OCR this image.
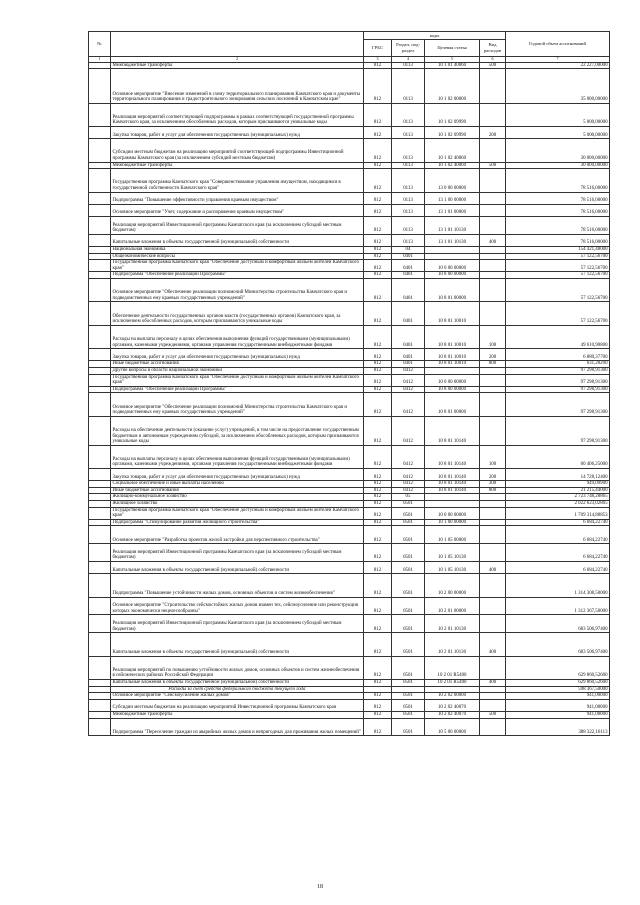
№		коды				Годовой объем ассигнований
		ГРБС	Раздел, под-раздел	Целевая статья	Вид расходов	
1	2	3	4	5	6	7
	Межбюджетные трансферты	812	0113	10 1 01 40060	500	22 227,00000
	Основное мероприятие "Внесение изменений в схему территориального планирования Камчатского края и документы территориального планирования и градостроительного зонирования сельских поселений в Камчатском крае"	812	0113	10 1 02 00000		35 000,00000
	Реализация мероприятий соответствующей подпрограммы в рамках соответствующей государственной программы Камчатского края, за исключением обособленных расходов, которым присваиваются уникальные коды	812	0113	10 1 02 09990		5 000,00000
	Закупка товаров, работ и услуг для обеспечения государственных (муниципальных) нужд	812	0113	10 1 02 09990	200	5 000,00000
	Субсидии местным бюджетам на реализацию мероприятий соответствующей подпрограммы Инвестиционной программы Камчатского края (за исключением субсидий местным бюджетам)	812	0113	10 1 02 40060		30 000,00000
	Межбюджетные трансферты	812	0113	10 1 02 40060	500	30 000,00000
	Государственная программа Камчатского края "Совершенствование управления имуществом, находящимся в государственной собственности Камчатского края"	812	0113	13 0 00 00000		78 516,00000
	Подпрограмма "Повышение эффективности управления краевым имуществом"	812	0113	13 1 00 00000		78 516,00000
	Основное мероприятие "Учет, содержание и распоряжение краевым имуществом"	812	0113	13 1 01 00000		78 516,00000
	Реализация мероприятий Инвестиционной программы Камчатского края (за исключением субсидий местным бюджетам)	812	0113	13 1 01 10130		78 516,00000
	Капитальные вложения в объекты государственной (муниципальной) собственности	812	0113	13 1 01 10130	400	78 516,00000
	Национальная экономика	812	04			154 421,48000
	Общеэкономические вопросы	812	0401			57 122,56700
	Государственная программа Камчатского края "Обеспечение доступным и комфортным жильем жителей Камчатского края"	812	0401	10 0 00 00000		57 122,56700
	Подпрограмма "Обеспечение реализации Программы"	812	0401	10 8 00 00000		57 122,56700
	Основное мероприятие "Обеспечение реализации полномочий Министерства строительства Камчатского края и подведомственных ему краевых государственных учреждений"	812	0401	10 8 01 00000		57 122,56700
	Обеспечение деятельности государственных органов власти (государственных органов) Камчатского края, за исключением обособленных расходов, которым присваиваются уникальные коды	812	0401	10 8 01 10010		57 122,56700
	Расходы на выплаты персоналу в целях обеспечения выполнения функций государственными (муниципальными) органами, казенными учреждениями, органами управления государственными внебюджетными фондами	812	0401	10 8 01 10010	100	49 610,90800
	Закупка товаров, работ и услуг для обеспечения государственных (муниципальных) нужд	812	0401	10 8 01 10010	200	6 880,37700
	Иные бюджетные ассигнования	812	0401	10 8 01 10010	800	631,28200
	Другие вопросы в области национальной экономики	812	0412			97 298,91300
	Государственная программа Камчатского края "Обеспечение доступным и комфортным жильем жителей Камчатского края"	812	0412	10 0 00 00000		97 298,91300
	Подпрограмма "Обеспечение реализации Программы"	812	0412	10 8 00 00000		97 298,91300
	Основное мероприятие "Обеспечение реализации полномочий Министерства строительства Камчатского края и подведомственных ему краевых государственных учреждений"	812	0412	10 8 01 00000		97 298,91300
	Расходы на обеспечение деятельности (оказание услуг) учреждений, в том числе на предоставление государственным бюджетным и автономным учреждениям субсидий, за исключением обособленных расходов, которым присваиваются уникальные коды	812	0412	10 8 01 10140		97 298,91300
	Расходы на выплаты персоналу в целях обеспечения выполнения функций государственными (муниципальными) органами, казенными учреждениями, органами управления государственными внебюджетными фондами	812	0412	10 8 01 10140	100	60 406,25000
	Закупка товаров, работ и услуг для обеспечения государственных (муниципальных) нужд	812	0412	10 8 01 10140	200	14 728,12400
	Социальное обеспечение и иные выплаты населению	812	0412	10 8 01 10140	300	949,09900
	Иные бюджетные ассигнования	812	0412	10 8 01 10140	800	21 215,44000
	Жилищно-коммунальное хозяйство	812	05			2 723 748,28865
	Жилищное хозяйство	812	0501			2 022 623,02865
	Государственная программа Камчатского края "Обеспечение доступным и комфортным жильем жителей Камчатского края"	812	0501	10 0 00 00000		1 709 314,88853
	Подпрограмма "Стимулирование развития жилищного строительства"	812	0501	10 1 00 00000		6 684,22740
	Основное мероприятие "Разработка проектов жилой застройки для перспективного строительства"	812	0501	10 1 05 00000		6 684,22740
	Реализация мероприятий Инвестиционной программы Камчатского края (за исключением субсидий местным бюджетам)	812	0501	10 1 05 10130		6 684,22740
	Капитальные вложения в объекты государственной (муниципальной) собственности	812	0501	10 1 05 10130	400	6 684,22740
	Подпрограмма "Повышение устойчивости жилых домов, основных объектов и систем жизнеобеспечения"	812	0501	10 2 00 00000		1 314 308,50000
	Основное мероприятие "Строительство сейсмостойких жилых домов взамен тех, сейсмоусиление или реконструкция которых экономически нецелесообразны"	812	0501	10 2 01 00000		1 312 367,50000
	Реализация мероприятий Инвестиционной программы Камчатского края (за исключением субсидий местным бюджетам)	812	0501	10 2 01 10130		683 506,97400
	Капитальные вложения в объекты государственной (муниципальной) собственности	812	0501	10 2 01 10130	400	683 506,97400
	Реализация мероприятий по повышению устойчивости жилых домов, основных объектов и систем жизнеобеспечения в сейсмических районах Российской Федерации	812	0501	10 2 01 R5400		629 860,52600
	Капитальные вложения в объекты государственной (муниципальной) собственности	812	0501	10 2 01 R5400	400	629 860,52600
	Расходы за счет средств федерального бюджета текущего года					598 367,50000
	Основное мероприятие "Сейсмоусиление жилых домов"	812	0501	10 2 02 00000		941,00000
	Субсидии местным бюджетам на реализацию мероприятий Инвестиционной программы Камчатского края	812	0501	10 2 02 40070		941,00000
	Межбюджетные трансферты	812	0501	10 2 02 40070	500	941,00000
	Подпрограмма "Переселение граждан из аварийных жилых домов и непригодных для проживания жилых помещений"	812	0501	10 5 00 00000		388 322,16113
18
